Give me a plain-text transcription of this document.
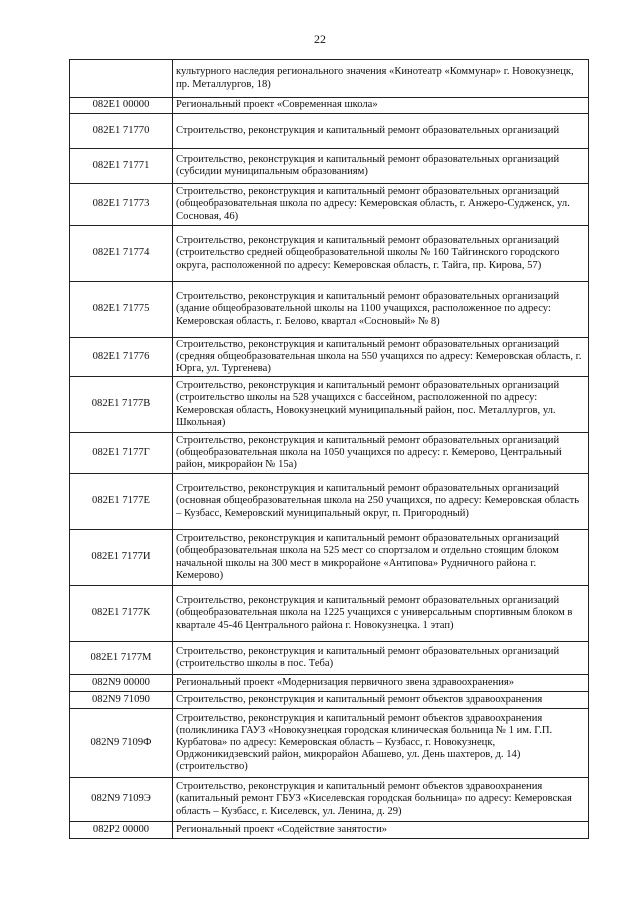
22
	культурного наследия регионального значения «Кинотеатр «Коммунар» г. Новокузнецк, пр. Металлургов, 18)
082E1 00000	Региональный проект «Современная школа»
082E1 71770	Строительство, реконструкция и капитальный ремонт образовательных организаций
082E1 71771	Строительство, реконструкция и капитальный ремонт образовательных организаций (субсидии муниципальным образованиям)
082E1 71773	Строительство, реконструкция и капитальный ремонт образовательных организаций (общеобразовательная школа по адресу: Кемеровская область, г. Анжеро-Судженск, ул. Сосновая, 46)
082E1 71774	Строительство, реконструкция и капитальный ремонт образовательных организаций (строительство средней общеобразовательной школы № 160 Тайгинского городского округа, расположенной по адресу: Кемеровская область, г. Тайга, пр. Кирова, 57)
082E1 71775	Строительство, реконструкция и капитальный ремонт образовательных организаций (здание общеобразовательной школы на 1100 учащихся, расположенное по адресу: Кемеровская область, г. Белово, квартал «Сосновый» № 8)
082E1 71776	Строительство, реконструкция и капитальный ремонт образовательных организаций (средняя общеобразовательная школа на 550 учащихся по адресу: Кемеровская область, г. Юрга, ул. Тургенева)
082E1 7177В	Строительство, реконструкция и капитальный ремонт образовательных организаций (строительство школы на 528 учащихся с бассейном, расположенной по адресу: Кемеровская область, Новокузнецкий муниципальный район, пос. Металлургов, ул. Школьная)
082E1 7177Г	Строительство, реконструкция и капитальный ремонт образовательных организаций (общеобразовательная школа на 1050 учащихся по адресу: г. Кемерово, Центральный район, микрорайон № 15а)
082E1 7177Е	Строительство, реконструкция и капитальный ремонт образовательных организаций (основная общеобразовательная школа на 250 учащихся, по адресу: Кемеровская область – Кузбасс, Кемеровский муниципальный округ, п. Пригородный)
082E1 7177И	Строительство, реконструкция и капитальный ремонт образовательных организаций (общеобразовательная школа на 525 мест со спортзалом и отдельно стоящим блоком начальной школы на 300 мест в микрорайоне «Антипова» Рудничного района г. Кемерово)
082E1 7177К	Строительство, реконструкция и капитальный ремонт образовательных организаций (общеобразовательная школа на 1225 учащихся с универсальным спортивным блоком в квартале 45-46 Центрального района г. Новокузнецка. 1 этап)
082E1 7177М	Строительство, реконструкция и капитальный ремонт образовательных организаций (строительство школы в пос. Теба)
082N9 00000	Региональный проект «Модернизация первичного звена здравоохранения»
082N9 71090	Строительство, реконструкция и капитальный ремонт объектов здравоохранения
082N9 7109Ф	Строительство, реконструкция и капитальный ремонт объектов здравоохранения (поликлиника ГАУЗ «Новокузнецкая городская клиническая больница № 1 им. Г.П. Курбатова» по адресу: Кемеровская область – Кузбасс, г. Новокузнецк, Орджоникидзевский район, микрорайон Абашево, ул. День шахтеров, д. 14) (строительство)
082N9 7109Э	Строительство, реконструкция и капитальный ремонт объектов здравоохранения (капитальный ремонт ГБУЗ «Киселевская городская больница» по адресу: Кемеровская область – Кузбасс, г. Киселевск, ул. Ленина, д. 29)
082P2 00000	Региональный проект «Содействие занятости»
